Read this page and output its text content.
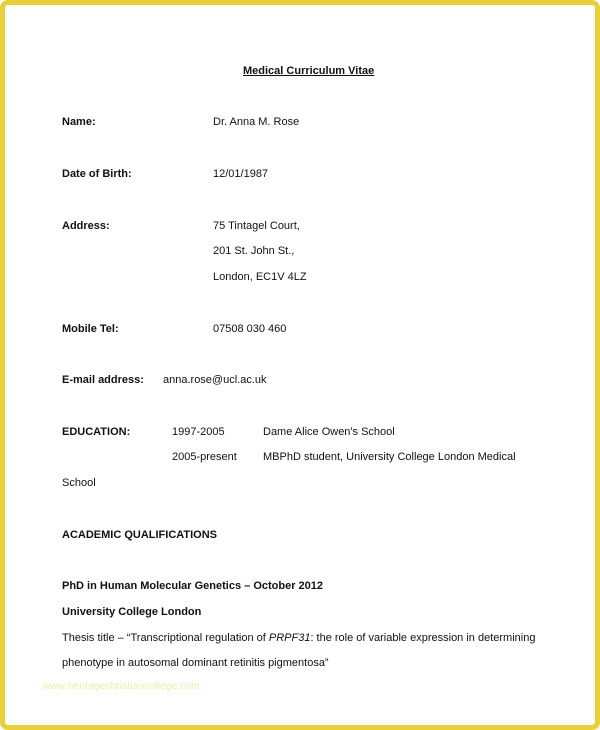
Medical Curriculum Vitae
Name:	Dr. Anna M. Rose
Date of Birth:	12/01/1987
Address:	75 Tintagel Court,
201 St. John St.,
London, EC1V 4LZ
Mobile Tel:	07508 030 460
E-mail address: anna.rose@ucl.ac.uk
EDUCATION:	1997-2005	Dame Alice Owen's School
2005-present MBPhD student, University College London Medical
School
ACADEMIC QUALIFICATIONS
PhD in Human Molecular Genetics – October 2012
University College London
Thesis title – “Transcriptional regulation of PRPF31: the role of variable expression in determining
phenotype in autosomal dominant retinitis pigmentosa”
www.heritagechristiancollege.com
